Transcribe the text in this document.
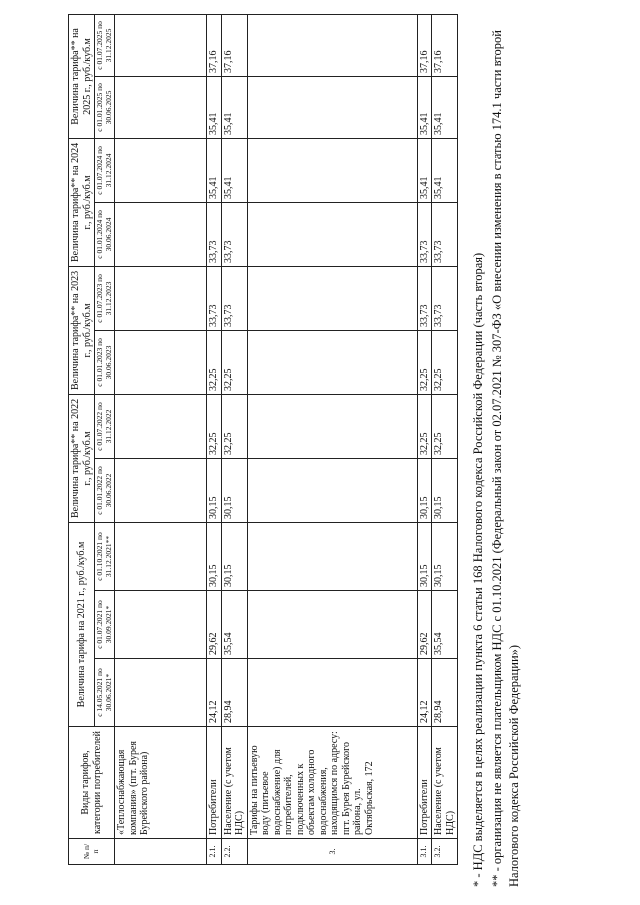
№ п/п	Виды тарифов, категории потребителей	Величина тарифа на 2021 г., руб./куб.м			Величина тарифа** на 2022 г., руб./куб.м		Величина тарифа** на 2023 г., руб./куб.м		Величина тарифа** на 2024 г., руб./куб.м		Величина тарифа** на 2025 г., руб./куб.м	
		с 14.05.2021 по 30.06.2021*	с 01.07.2021 по 30.09.2021*	с 01.10.2021 по 31.12.2021**	с 01.01.2022 по 30.06.2022	с 01.07.2022 по 31.12.2022	с 01.01.2023 по 30.06.2023	с 01.07.2023 по 31.12.2023	с 01.01.2024 по 30.06.2024	с 01.07.2024 по 31.12.2024	с 01.01.2025 по 30.06.2025	с 01.07.2025 по 31.12.2025
	«Теплоснабжающая компания» (пгт. Бурея Бурейского района)											
2.1.	Потребители	24,12	29,62	30,15	30,15	32,25	32,25	33,73	33,73	35,41	35,41	37,16
2.2.	Население (с учетом НДС)	28,94	35,54	30,15	30,15	32,25	32,25	33,73	33,73	35,41	35,41	37,16
3.	Тарифы на питьевую воду (питьевое водоснабжение) для потребителей, подключенных к объектам холодного водоснабжения, находящимся по адресу: пгт. Бурея Бурейского района, ул. Октябрьская, 172											
3.1.	Потребители	24,12	29,62	30,15	30,15	32,25	32,25	33,73	33,73	35,41	35,41	37,16
3.2.	Население (с учетом НДС)	28,94	35,54	30,15	30,15	32,25	32,25	33,73	33,73	35,41	35,41	37,16
* - НДС выделяется в целях реализации пункта 6 статьи 168 Налогового кодекса Российской Федерации (часть вторая) ** - организация не является плательщиком НДС с 01.10.2021 (Федеральный закон от 02.07.2021 № 307-ФЗ «О внесении изменения в статью 174.1 части второй Налогового кодекса Российской Федерации»)
